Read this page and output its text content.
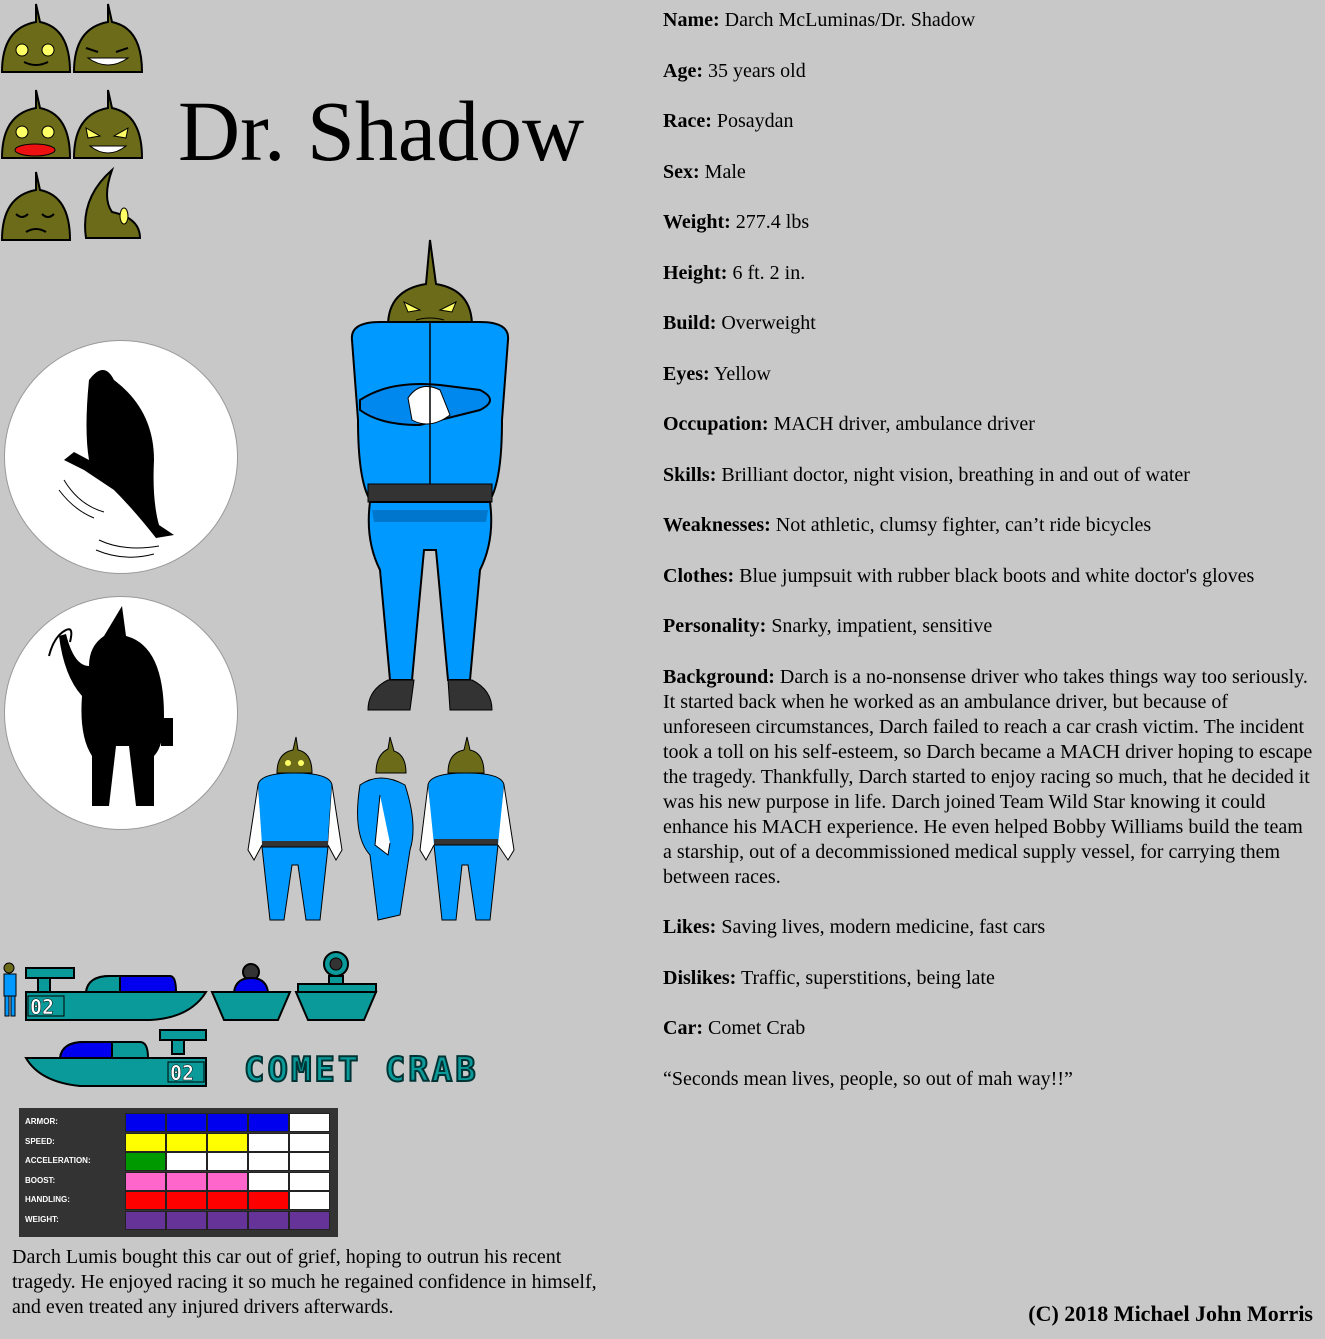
Dr. Shadow
02
02 COMET CRAB
ARMOR:
SPEED:
ACCELERATION:
BOOST:
HANDLING:
WEIGHT:
Darch Lumis bought this car out of grief, hoping to outrun his recent tragedy. He enjoyed racing it so much he regained confidence in himself, and even treated any injured drivers afterwards.
Name: Darch McLuminas/Dr. Shadow
Age: 35 years old
Race: Posaydan
Sex: Male
Weight: 277.4 lbs
Height: 6 ft. 2 in.
Build: Overweight
Eyes: Yellow
Occupation: MACH driver, ambulance driver
Skills: Brilliant doctor, night vision, breathing in and out of water
Weaknesses: Not athletic, clumsy fighter, can’t ride bicycles
Clothes: Blue jumpsuit with rubber black boots and white doctor's gloves
Personality: Snarky, impatient, sensitive
Background: Darch is a no-nonsense driver who takes things way too seriously. It started back when he worked as an ambulance driver, but because of unforeseen circumstances, Darch failed to reach a car crash victim. The incident took a toll on his self-esteem, so Darch became a MACH driver hoping to escape the tragedy. Thankfully, Darch started to enjoy racing so much, that he decided it was his new purpose in life. Darch joined Team Wild Star knowing it could enhance his MACH experience. He even helped Bobby Williams build the team a starship, out of a decommissioned medical supply vessel, for carrying them between races.
Likes: Saving lives, modern medicine, fast cars
Dislikes: Traffic, superstitions, being late
Car: Comet Crab
“Seconds mean lives, people, so out of mah way!!”
(C) 2018 Michael John Morris
